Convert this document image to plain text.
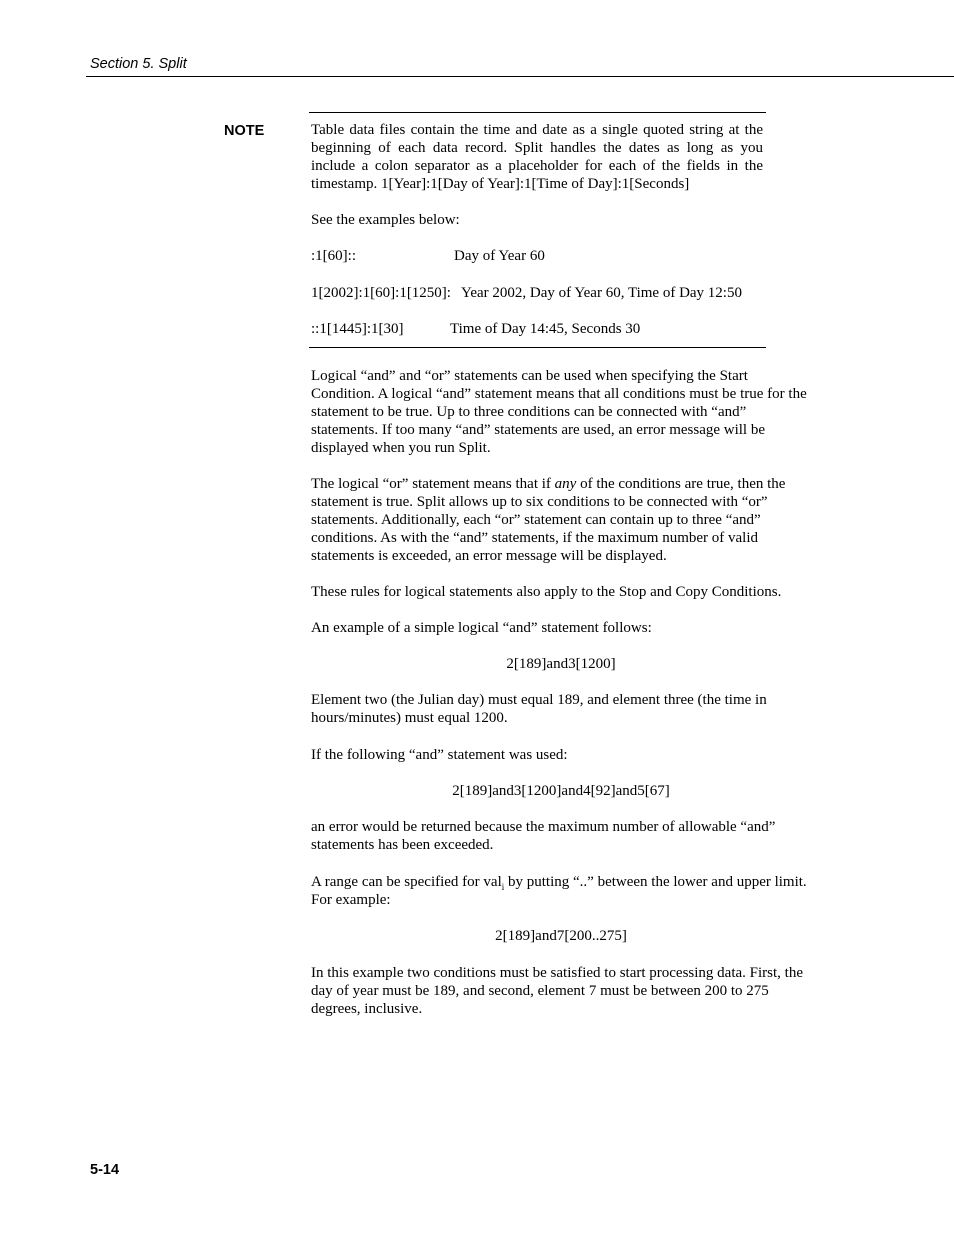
Section 5. Split
NOTE	Table data files contain the time and date as a single quoted string at the beginning of each data record. Split handles the dates as long as you include a colon separator as a placeholder for each of the fields in the timestamp. 1[Year]:1[Day of Year]:1[Time of Day]:1[Seconds]

See the examples below:

:1[60]::	Day of Year 60
1[2002]:1[60]:1[1250]: Year 2002, Day of Year 60, Time of Day 12:50
::1[1445]:1[30]	Time of Day 14:45, Seconds 30

Logical “and” and “or” statements can be used when specifying the Start Condition. A logical “and” statement means that all conditions must be true for the statement to be true. Up to three conditions can be connected with “and” statements. If too many “and” statements are used, an error message will be displayed when you run Split.

The logical “or” statement means that if any of the conditions are true, then the statement is true. Split allows up to six conditions to be connected with “or” statements. Additionally, each “or” statement can contain up to three “and” conditions. As with the “and” statements, if the maximum number of valid statements is exceeded, an error message will be displayed.

These rules for logical statements also apply to the Stop and Copy Conditions.

An example of a simple logical “and” statement follows:

2[189]and3[1200]

Element two (the Julian day) must equal 189, and element three (the time in hours/minutes) must equal 1200.

If the following “and” statement was used:

2[189]and3[1200]and4[92]and5[67]

an error would be returned because the maximum number of allowable “and” statements has been exceeded.

A range can be specified for val$_i$ by putting “..” between the lower and upper limit. For example:

2[189]and7[200..275]

In this example two conditions must be satisfied to start processing data. First, the day of year must be 189, and second, element 7 must be between 200 to 275 degrees, inclusive.

5-14
